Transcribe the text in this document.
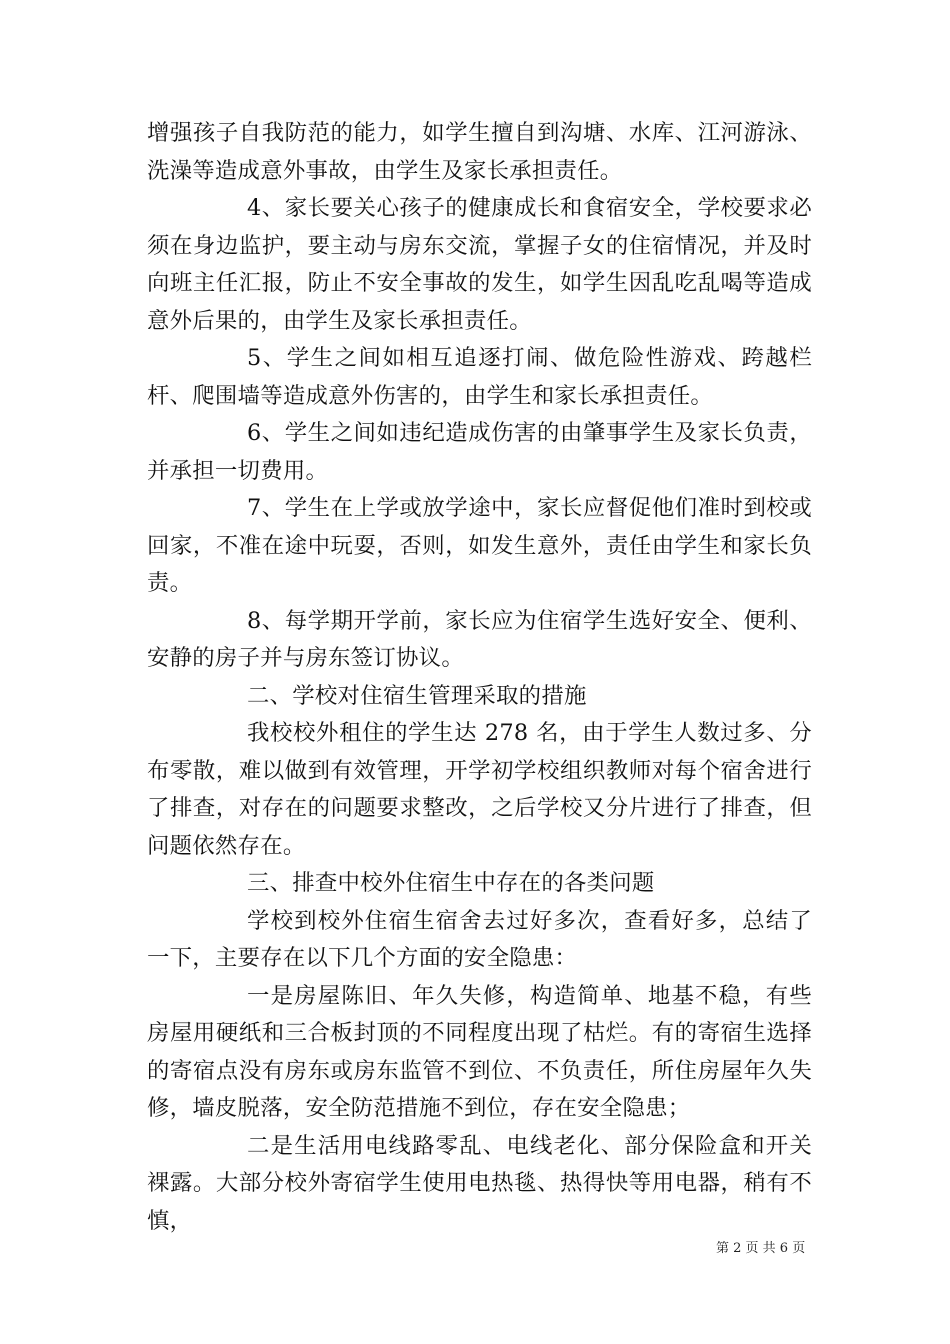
增强孩子自我防范的能力，如学生擅自到沟塘、水库、江河游泳、洗澡等造成意外事故，由学生及家长承担责任。

4、家长要关心孩子的健康成长和食宿安全，学校要求必须在身边监护，要主动与房东交流，掌握子女的住宿情况，并及时向班主任汇报，防止不安全事故的发生，如学生因乱吃乱喝等造成意外后果的，由学生及家长承担责任。

5、学生之间如相互追逐打闹、做危险性游戏、跨越栏杆、爬围墙等造成意外伤害的，由学生和家长承担责任。

6、学生之间如违纪造成伤害的由肇事学生及家长负责，并承担一切费用。

7、学生在上学或放学途中，家长应督促他们准时到校或回家，不准在途中玩耍，否则，如发生意外，责任由学生和家长负责。

8、每学期开学前，家长应为住宿学生选好安全、便利、安静的房子并与房东签订协议。

二、学校对住宿生管理采取的措施

我校校外租住的学生达 278 名，由于学生人数过多、分布零散，难以做到有效管理，开学初学校组织教师对每个宿舍进行了排查，对存在的问题要求整改，之后学校又分片进行了排查，但问题依然存在。

三、排查中校外住宿生中存在的各类问题

学校到校外住宿生宿舍去过好多次，查看好多，总结了一下，主要存在以下几个方面的安全隐患：

一是房屋陈旧、年久失修，构造简单、地基不稳，有些房屋用硬纸和三合板封顶的不同程度出现了枯烂。有的寄宿生选择的寄宿点没有房东或房东监管不到位、不负责任，所住房屋年久失修，墙皮脱落，安全防范措施不到位，存在安全隐患；

二是生活用电线路零乱、电线老化、部分保险盒和开关裸露。大部分校外寄宿学生使用电热毯、热得快等用电器，稍有不慎，

第 2 页 共 6 页
